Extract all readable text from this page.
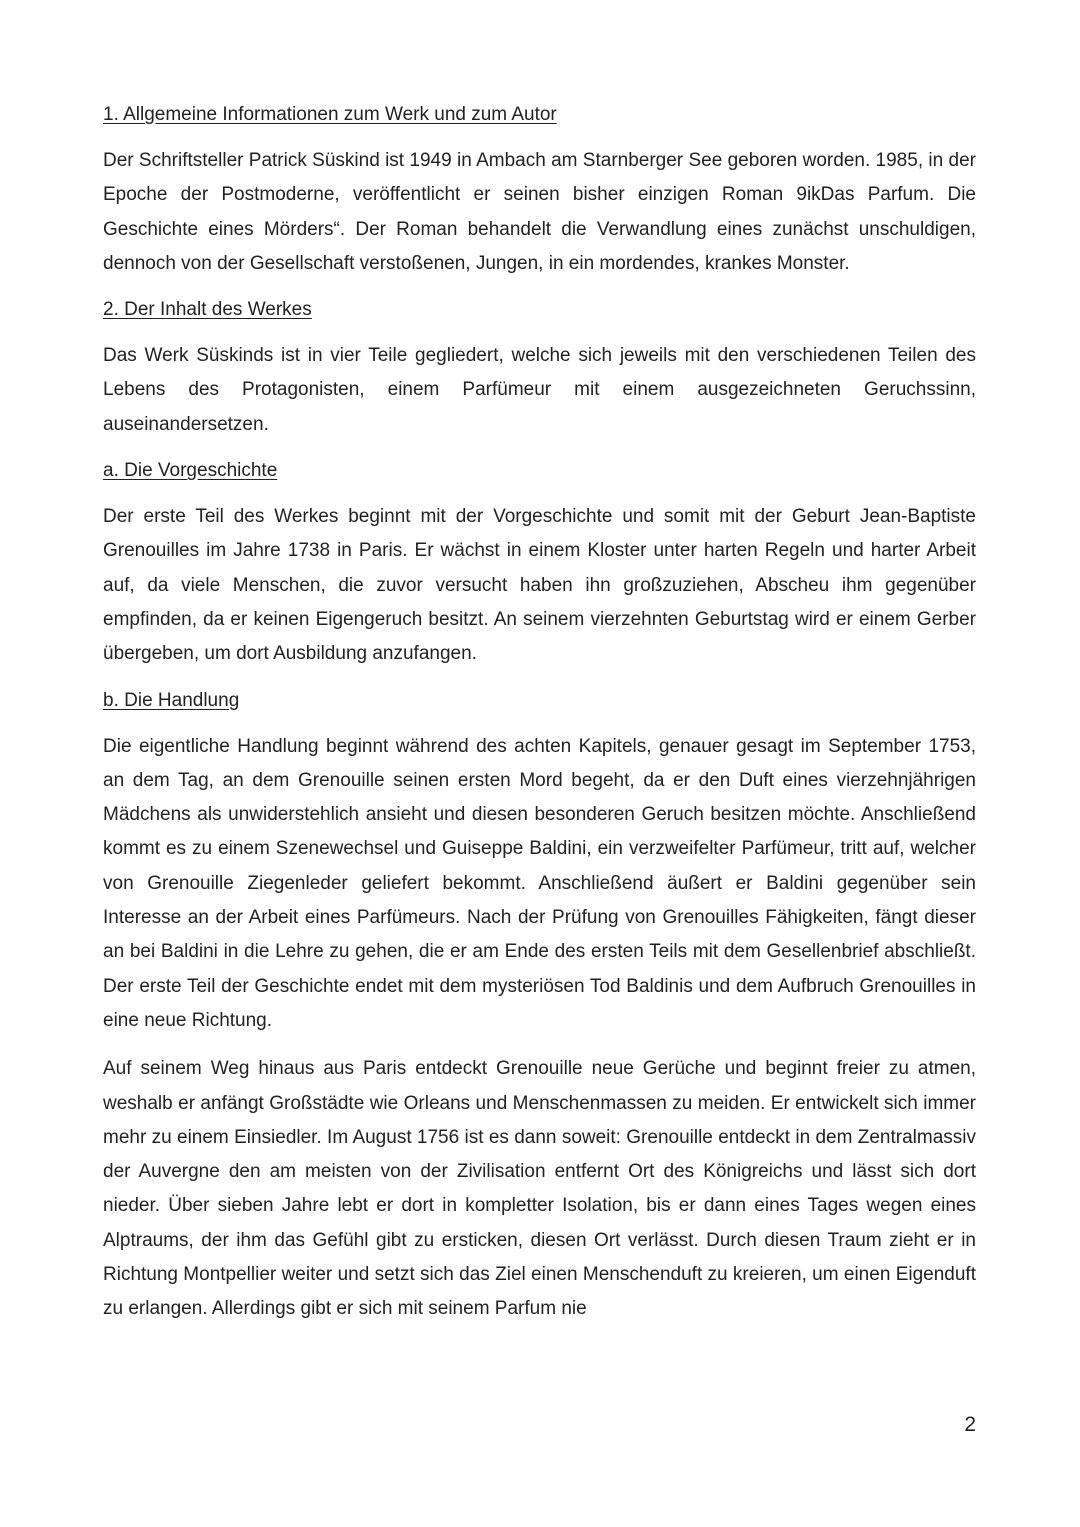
1. Allgemeine Informationen zum Werk und zum Autor

Der Schriftsteller Patrick Süskind ist 1949 in Ambach am Starnberger See geboren worden. 1985, in der Epoche der Postmoderne, veröffentlicht er seinen bisher einzigen Roman 9ikDas Parfum. Die Geschichte eines Mörders“. Der Roman behandelt die Verwandlung eines zunächst unschuldigen, dennoch von der Gesellschaft verstoßenen, Jungen, in ein mordendes, krankes Monster.

2. Der Inhalt des Werkes

Das Werk Süskinds ist in vier Teile gegliedert, welche sich jeweils mit den verschiedenen Teilen des Lebens des Protagonisten, einem Parfümeur mit einem ausgezeichneten Geruchssinn, auseinandersetzen.

a. Die Vorgeschichte

Der erste Teil des Werkes beginnt mit der Vorgeschichte und somit mit der Geburt Jean-Baptiste Grenouilles im Jahre 1738 in Paris. Er wächst in einem Kloster unter harten Regeln und harter Arbeit auf, da viele Menschen, die zuvor versucht haben ihn großzuziehen, Abscheu ihm gegenüber empfinden, da er keinen Eigengeruch besitzt. An seinem vierzehnten Geburtstag wird er einem Gerber übergeben, um dort Ausbildung anzufangen.

b. Die Handlung

Die eigentliche Handlung beginnt während des achten Kapitels, genauer gesagt im September 1753, an dem Tag, an dem Grenouille seinen ersten Mord begeht, da er den Duft eines vierzehnjährigen Mädchens als unwiderstehlich ansieht und diesen besonderen Geruch besitzen möchte. Anschließend kommt es zu einem Szenewechsel und Guiseppe Baldini, ein verzweifelter Parfümeur, tritt auf, welcher von Grenouille Ziegenleder geliefert bekommt. Anschließend äußert er Baldini gegenüber sein Interesse an der Arbeit eines Parfümeurs. Nach der Prüfung von Grenouilles Fähigkeiten, fängt dieser an bei Baldini in die Lehre zu gehen, die er am Ende des ersten Teils mit dem Gesellenbrief abschließt. Der erste Teil der Geschichte endet mit dem mysteriösen Tod Baldinis und dem Aufbruch Grenouilles in eine neue Richtung.

Auf seinem Weg hinaus aus Paris entdeckt Grenouille neue Gerüche und beginnt freier zu atmen, weshalb er anfängt Großstädte wie Orleans und Menschenmassen zu meiden. Er entwickelt sich immer mehr zu einem Einsiedler. Im August 1756 ist es dann soweit: Grenouille entdeckt in dem Zentralmassiv der Auvergne den am meisten von der Zivilisation entfernt Ort des Königreichs und lässt sich dort nieder. Über sieben Jahre lebt er dort in kompletter Isolation, bis er dann eines Tages wegen eines Alptraums, der ihm das Gefühl gibt zu ersticken, diesen Ort verlässt. Durch diesen Traum zieht er in Richtung Montpellier weiter und setzt sich das Ziel einen Menschenduft zu kreieren, um einen Eigenduft zu erlangen. Allerdings gibt er sich mit seinem Parfum nie

2
